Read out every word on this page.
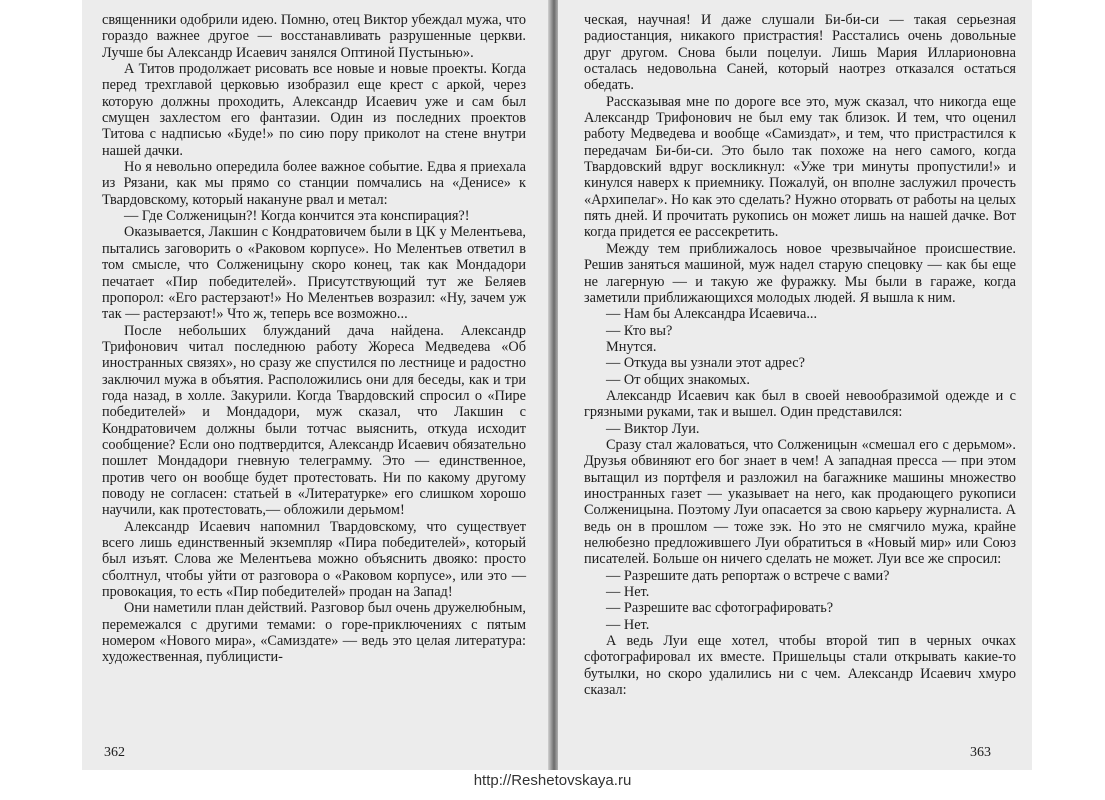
священники одобрили идею. Помню, отец Виктор убеждал мужа, что гораздо важнее другое — восстанавливать разрушенные церкви. Лучше бы Александр Исаевич занялся Оптиной Пустынью».

А Титов продолжает рисовать все новые и новые проекты. Когда перед трехглавой церковью изобразил еще крест с аркой, через которую должны проходить, Александр Исаевич уже и сам был смущен захлестом его фантазии. Один из последних проектов Титова с надписью «Буде!» по сию пору приколот на стене внутри нашей дачки.

Но я невольно опередила более важное событие. Едва я приехала из Рязани, как мы прямо со станции помчались на «Денисе» к Твардовскому, который накануне рвал и метал:

— Где Солженицын?! Когда кончится эта конспирация?!

Оказывается, Лакшин с Кондратовичем были в ЦК у Мелентьева, пытались заговорить о «Раковом корпусе». Но Мелентьев ответил в том смысле, что Солженицыну скоро конец, так как Мондадори печатает «Пир победителей». Присутствующий тут же Беляев пропорол: «Его растерзают!» Но Мелентьев возразил: «Ну, зачем уж так — растерзают!» Что ж, теперь все возможно...

После небольших блужданий дача найдена. Александр Трифонович читал последнюю работу Жореса Медведева «Об иностранных связях», но сразу же спустился по лестнице и радостно заключил мужа в объятия. Расположились они для беседы, как и три года назад, в холле. Закурили. Когда Твардовский спросил о «Пире победителей» и Мондадори, муж сказал, что Лакшин с Кондратовичем должны были тотчас выяснить, откуда исходит сообщение? Если оно подтвердится, Александр Исаевич обязательно пошлет Мондадори гневную телеграмму. Это — единственное, против чего он вообще будет протестовать. Ни по какому другому поводу не согласен: статьей в «Литературке» его слишком хорошо научили, как протестовать,— обложили дерьмом!

Александр Исаевич напомнил Твардовскому, что существует всего лишь единственный экземпляр «Пира победителей», который был изъят. Слова же Мелентьева можно объяснить двояко: просто сболтнул, чтобы уйти от разговора о «Раковом корпусе», или это — провокация, то есть «Пир победителей» продан на Запад!

Они наметили план действий. Разговор был очень дружелюбным, перемежался с другими темами: о горе-приключениях с пятым номером «Нового мира», «Самиздате» — ведь это целая литература: художественная, публицисти-

362

ческая, научная! И даже слушали Би-би-си — такая серьезная радиостанция, никакого пристрастия! Расстались очень довольные друг другом. Снова были поцелуи. Лишь Мария Илларионовна осталась недовольна Саней, который наотрез отказался остаться обедать.

Рассказывая мне по дороге все это, муж сказал, что никогда еще Александр Трифонович не был ему так близок. И тем, что оценил работу Медведева и вообще «Самиздат», и тем, что пристрастился к передачам Би-би-си. Это было так похоже на него самого, когда Твардовский вдруг воскликнул: «Уже три минуты пропустили!» и кинулся наверх к приемнику. Пожалуй, он вполне заслужил прочесть «Архипелаг». Но как это сделать? Нужно оторвать от работы на целых пять дней. И прочитать рукопись он может лишь на нашей дачке. Вот когда придется ее рассекретить.

Между тем приближалось новое чрезвычайное происшествие. Решив заняться машиной, муж надел старую спецовку — как бы еще не лагерную — и такую же фуражку. Мы были в гараже, когда заметили приближающихся молодых людей. Я вышла к ним.

— Нам бы Александра Исаевича...

— Кто вы?

Мнутся.

— Откуда вы узнали этот адрес?

— От общих знакомых.

Александр Исаевич как был в своей невообразимой одежде и с грязными руками, так и вышел. Один представился:

— Виктор Луи.

Сразу стал жаловаться, что Солженицын «смешал его с дерьмом». Друзья обвиняют его бог знает в чем! А западная пресса — при этом вытащил из портфеля и разложил на багажнике машины множество иностранных газет — указывает на него, как продающего рукописи Солженицына. Поэтому Луи опасается за свою карьеру журналиста. А ведь он в прошлом — тоже зэк. Но это не смягчило мужа, крайне нелюбезно предложившего Луи обратиться в «Новый мир» или Союз писателей. Больше он ничего сделать не может. Луи все же спросил:

— Разрешите дать репортаж о встрече с вами?

— Нет.

— Разрешите вас сфотографировать?

— Нет.

А ведь Луи еще хотел, чтобы второй тип в черных очках сфотографировал их вместе. Пришельцы стали открывать какие-то бутылки, но скоро удалились ни с чем. Александр Исаевич хмуро сказал:

363
http://Reshetovskaya.ru
